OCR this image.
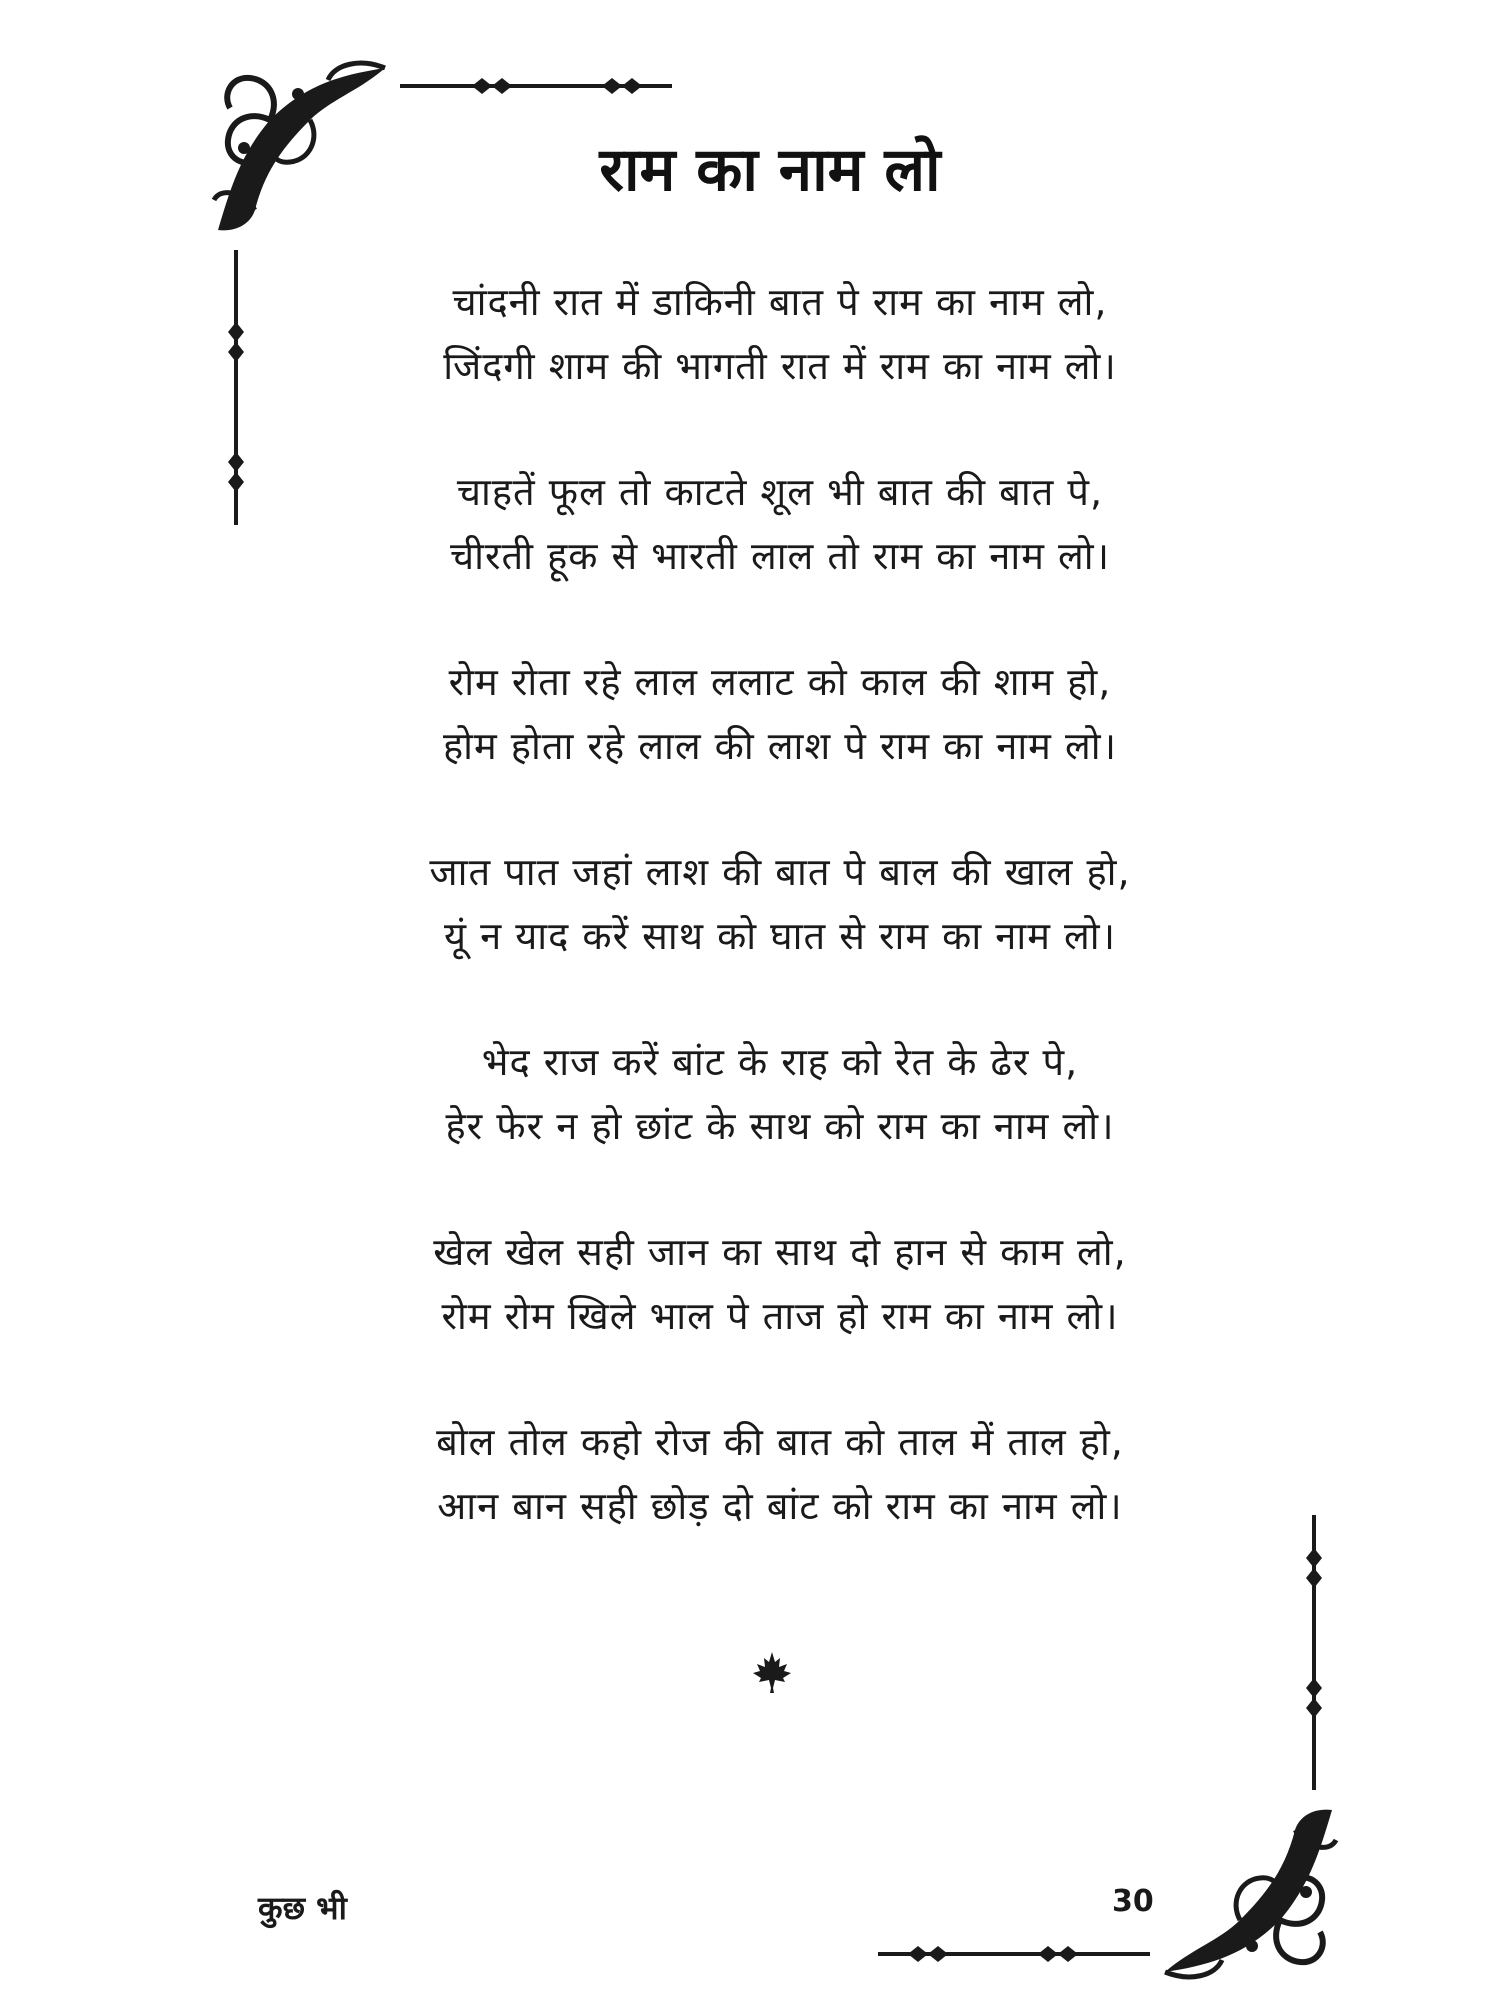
राम का नाम लो
चांदनी रात में डाकिनी बात पे राम का नाम लो,
जिंदगी शाम की भागती रात में राम का नाम लो।
चाहतें फूल तो काटते शूल भी बात की बात पे,
चीरती हूक से भारती लाल तो राम का नाम लो।
रोम रोता रहे लाल ललाट को काल की शाम हो,
होम होता रहे लाल की लाश पे राम का नाम लो।
जात पात जहां लाश की बात पे बाल की खाल हो,
यूं न याद करें साथ को घात से राम का नाम लो।
भेद राज करें बांट के राह को रेत के ढेर पे,
हेर फेर न हो छांट के साथ को राम का नाम लो।
खेल खेल सही जान का साथ दो हान से काम लो,
रोम रोम खिले भाल पे ताज हो राम का नाम लो।
बोल तोल कहो रोज की बात को ताल में ताल हो,
आन बान सही छोड़ दो बांट को राम का नाम लो।
कुछ भी	30
